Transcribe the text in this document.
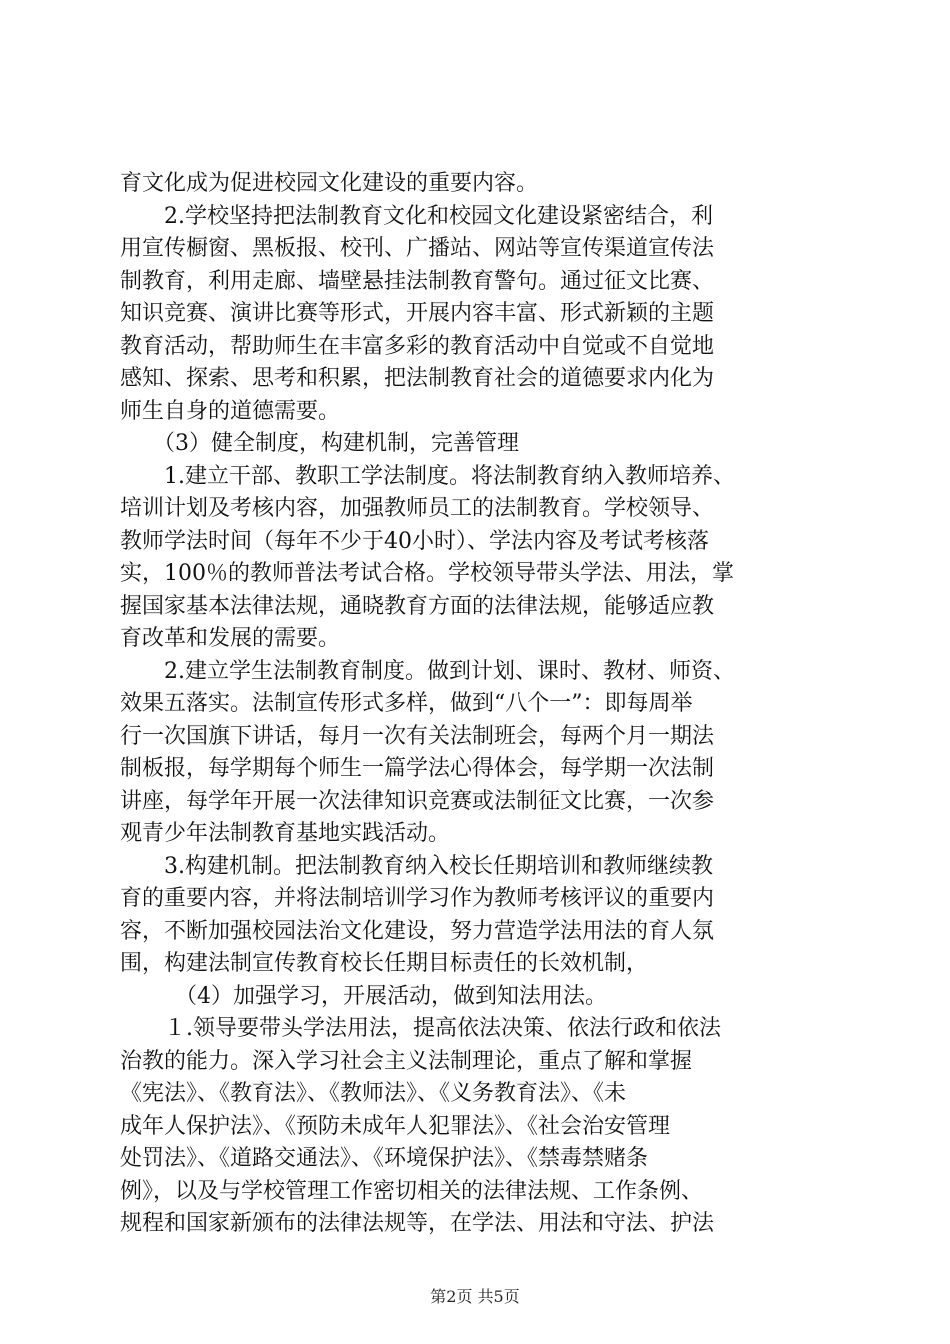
育文化成为促进校园文化建设的重要内容。
　　2.学校坚持把法制教育文化和校园文化建设紧密结合，利
用宣传橱窗、黑板报、校刊、广播站、网站等宣传渠道宣传法
制教育，利用走廊、墙壁悬挂法制教育警句。通过征文比赛、
知识竞赛、演讲比赛等形式，开展内容丰富、形式新颖的主题
教育活动，帮助师生在丰富多彩的教育活动中自觉或不自觉地
感知、探索、思考和积累，把法制教育社会的道德要求内化为
师生自身的道德需要。
　　（3）健全制度，构建机制，完善管理
　　1.建立干部、教职工学法制度。将法制教育纳入教师培养、
培训计划及考核内容，加强教师员工的法制教育。学校领导、
教师学法时间（每年不少于40小时）、学法内容及考试考核落
实，100％的教师普法考试合格。学校领导带头学法、用法，掌
握国家基本法律法规，通晓教育方面的法律法规，能够适应教
育改革和发展的需要。
　　2.建立学生法制教育制度。做到计划、课时、教材、师资、
效果五落实。法制宣传形式多样，做到“八个一”：即每周举
行一次国旗下讲话，每月一次有关法制班会，每两个月一期法
制板报，每学期每个师生一篇学法心得体会，每学期一次法制
讲座，每学年开展一次法律知识竞赛或法制征文比赛，一次参
观青少年法制教育基地实践活动。
　　3.构建机制。把法制教育纳入校长任期培训和教师继续教
育的重要内容，并将法制培训学习作为教师考核评议的重要内
容，不断加强校园法治文化建设，努力营造学法用法的育人氛
围，构建法制宣传教育校长任期目标责任的长效机制，
　　　（4）加强学习，开展活动，做到知法用法。
　　１.领导要带头学法用法，提高依法决策、依法行政和依法
治教的能力。深入学习社会主义法制理论，重点了解和掌握
《宪法》、《教育法》、《教师法》、《义务教育法》、《未
成年人保护法》、《预防未成年人犯罪法》、《社会治安管理
处罚法》、《道路交通法》、《环境保护法》、《禁毒禁赌条
例》，以及与学校管理工作密切相关的法律法规、工作条例、
规程和国家新颁布的法律法规等，在学法、用法和守法、护法
第2页 共5页
